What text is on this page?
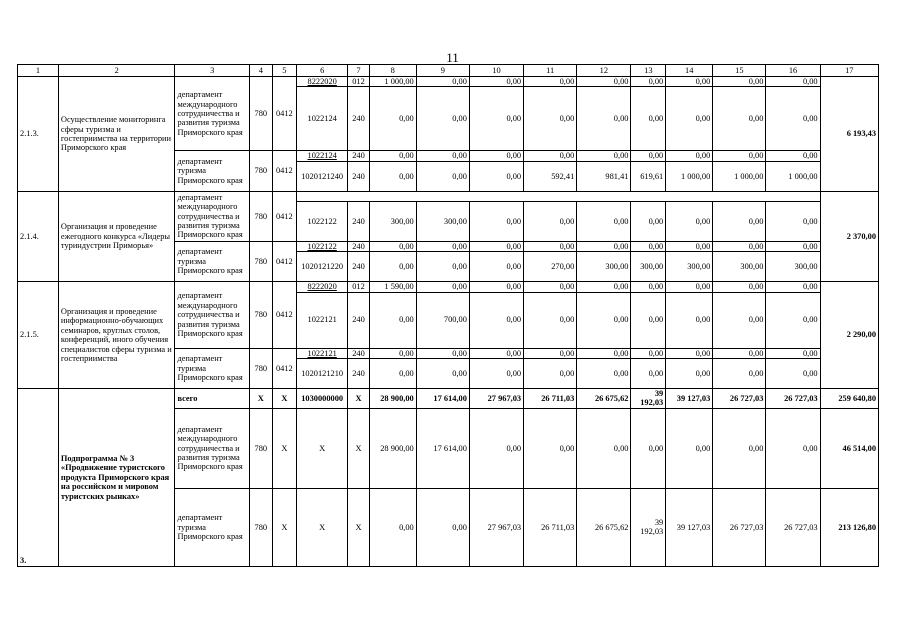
11
1	2	3	4	5	6	7	8	9	10	11	12	13	14	15	16	17
2.1.3.	Осуществление мониторинга сферы туризма и гостеприимства на территории Приморского края	департамент международного сотрудничества и развития туризма Приморского края	780	0412	8222020	012	1 000,00	0,00	0,00	0,00	0,00	0,00	0,00	0,00	0,00	6 193,43
					1022124	240	0,00	0,00	0,00	0,00	0,00	0,00	0,00	0,00	0,00	
		департамент туризма Приморского края	780	0412	1022124	240	0,00	0,00	0,00	0,00	0,00	0,00	0,00	0,00	0,00	
					1020121240	240	0,00	0,00	0,00	592,41	981,41	619,61	1 000,00	1 000,00	1 000,00	
2.1.4.	Организация и проведение ежегодного конкурса «Лидеры туриндустрии Приморья»	департамент международного сотрудничества и развития туризма Приморского края	780	0412												2 370,00
					1022122	240	300,00	300,00	0,00	0,00	0,00	0,00	0,00	0,00	0,00	
		департамент туризма Приморского края	780	0412	1022122	240	0,00	0,00	0,00	0,00	0,00	0,00	0,00	0,00	0,00	
					1020121220	240	0,00	0,00	0,00	270,00	300,00	300,00	300,00	300,00	300,00	
2.1.5.	Организация и проведение информационно-обучающих семинаров, круглых столов, конференций, иного обучения специалистов сферы туризма и гостеприимства	департамент международного сотрудничества и развития туризма Приморского края	780	0412	8222020	012	1 590,00	0,00	0,00	0,00	0,00	0,00	0,00	0,00	0,00	2 290,00
					1022121	240	0,00	700,00	0,00	0,00	0,00	0,00	0,00	0,00	0,00	
		департамент туризма Приморского края	780	0412	1022121	240	0,00	0,00	0,00	0,00	0,00	0,00	0,00	0,00	0,00	
					1020121210	240	0,00	0,00	0,00	0,00	0,00	0,00	0,00	0,00	0,00	
3.	Подпрограмма № 3 «Продвижение туристского продукта Приморского края на российском и мировом туристских рынках»	всего	X	X	1030000000	X	28 900,00	17 614,00	27 967,03	26 711,03	26 675,62	39 192,03	39 127,03	26 727,03	26 727,03	259 640,80
		департамент международного сотрудничества и развития туризма Приморского края	780	X	X	X	28 900,00	17 614,00	0,00	0,00	0,00	0,00	0,00	0,00	0,00	46 514,00
		департамент туризма Приморского края	780	X	X	X	0,00	0,00	27 967,03	26 711,03	26 675,62	39 192,03	39 127,03	26 727,03	26 727,03	213 126,80
